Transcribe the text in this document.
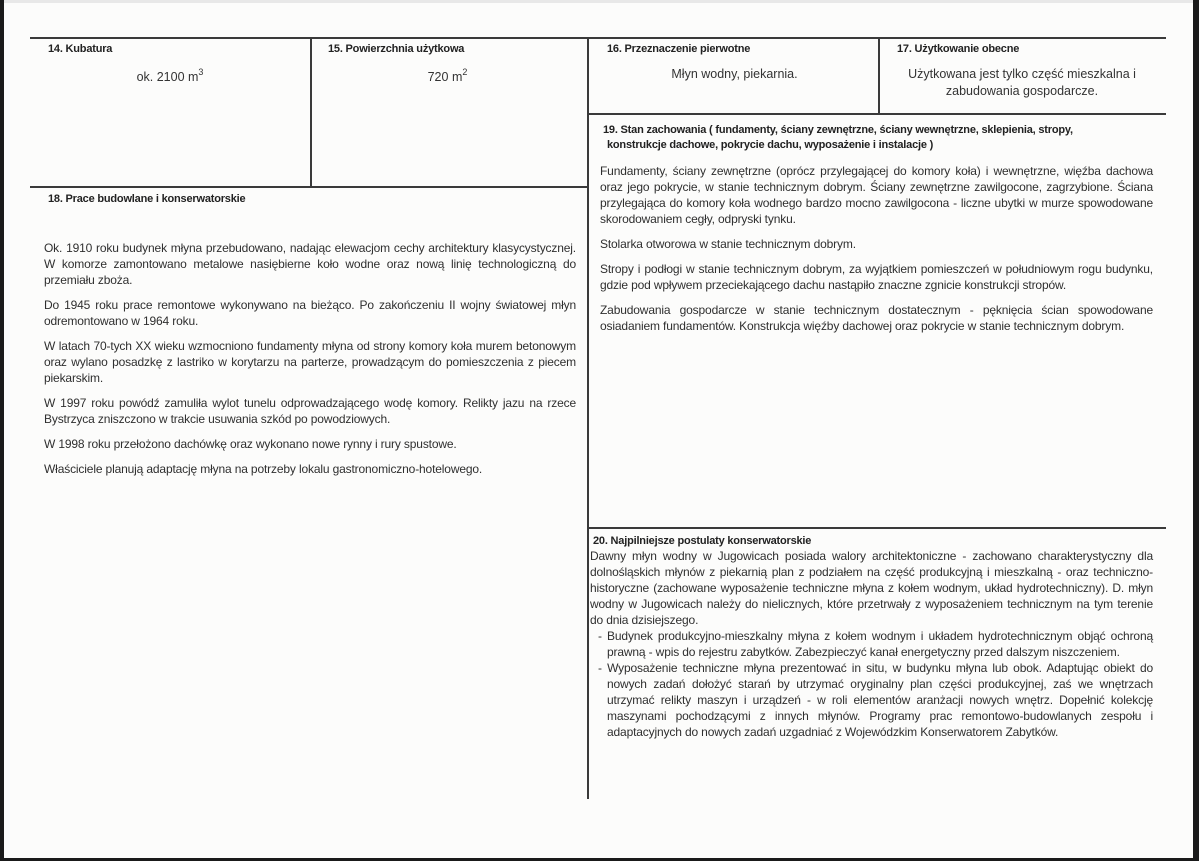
14. Kubatura
ok. 2100 $m^3$
15. Powierzchnia użytkowa
720 $m^2$
16. Przeznaczenie pierwotne
Młyn wodny, piekarnia.
17. Użytkowanie obecne
Użytkowana jest tylko część mieszkalna i zabudowania gospodarcze.
19. Stan zachowania ( fundamenty, ściany zewnętrzne, ściany wewnętrzne, sklepienia, stropy,
konstrukcje dachowe, pokrycie dachu, wyposażenie i instalacje )

Fundamenty, ściany zewnętrzne (oprócz przylegającej do komory koła) i wewnętrzne, więźba dachowa oraz jego pokrycie, w stanie technicznym dobrym. Ściany zewnętrzne zawilgocone, zagrzybione. Ściana przylegająca do komory koła wodnego bardzo mocno zawilgocona - liczne ubytki w murze spowodowane skorodowaniem cegły, odpryski tynku.

Stolarka otworowa w stanie technicznym dobrym.

Stropy i podłogi w stanie technicznym dobrym, za wyjątkiem pomieszczeń w południowym rogu budynku, gdzie pod wpływem przeciekającego dachu nastąpiło znaczne zgnicie konstrukcji stropów.

Zabudowania gospodarcze w stanie technicznym dostatecznym - pęknięcia ścian spowodowane osiadaniem fundamentów. Konstrukcja więźby dachowej oraz pokrycie w stanie technicznym dobrym.

18. Prace budowlane i konserwatorskie

Ok. 1910 roku budynek młyna przebudowano, nadając elewacjom cechy architektury klasycystycznej. W komorze zamontowano metalowe nasiębierne koło wodne oraz nową linię technologiczną do przemiału zboża.

Do 1945 roku prace remontowe wykonywano na bieżąco. Po zakończeniu II wojny światowej młyn odremontowano w 1964 roku.

W latach 70-tych XX wieku wzmocniono fundamenty młyna od strony komory koła murem betonowym oraz wylano posadzkę z lastriko w korytarzu na parterze, prowadzącym do pomieszczenia z piecem piekarskim.

W 1997 roku powódź zamuliła wylot tunelu odprowadzającego wodę komory. Relikty jazu na rzece Bystrzyca zniszczono w trakcie usuwania szkód po powodziowych.

W 1998 roku przełożono dachówkę oraz wykonano nowe rynny i rury spustowe.

Właściciele planują adaptację młyna na potrzeby lokalu gastronomiczno-hotelowego.

20. Najpilniejsze postulaty konserwatorskie

Dawny młyn wodny w Jugowicach posiada walory architektoniczne - zachowano charakterystyczny dla dolnośląskich młynów z piekarnią plan z podziałem na część produkcyjną i mieszkalną - oraz techniczno-historyczne (zachowane wyposażenie techniczne młyna z kołem wodnym, układ hydrotechniczny). D. młyn wodny w Jugowicach należy do nielicznych, które przetrwały z wyposażeniem technicznym na tym terenie do dnia dzisiejszego.

- Budynek produkcyjno-mieszkalny młyna z kołem wodnym i układem hydrotechnicznym objąć ochroną prawną - wpis do rejestru zabytków. Zabezpieczyć kanał energetyczny przed dalszym niszczeniem.
- Wyposażenie techniczne młyna prezentować in situ, w budynku młyna lub obok. Adaptując obiekt do nowych zadań dołożyć starań by utrzymać oryginalny plan części produkcyjnej, zaś we wnętrzach utrzymać relikty maszyn i urządzeń - w roli elementów aranżacji nowych wnętrz. Dopełnić kolekcję maszynami pochodzącymi z innych młynów. Programy prac remontowo-budowlanych zespołu i adaptacyjnych do nowych zadań uzgadniać z Wojewódzkim Konserwatorem Zabytków.
